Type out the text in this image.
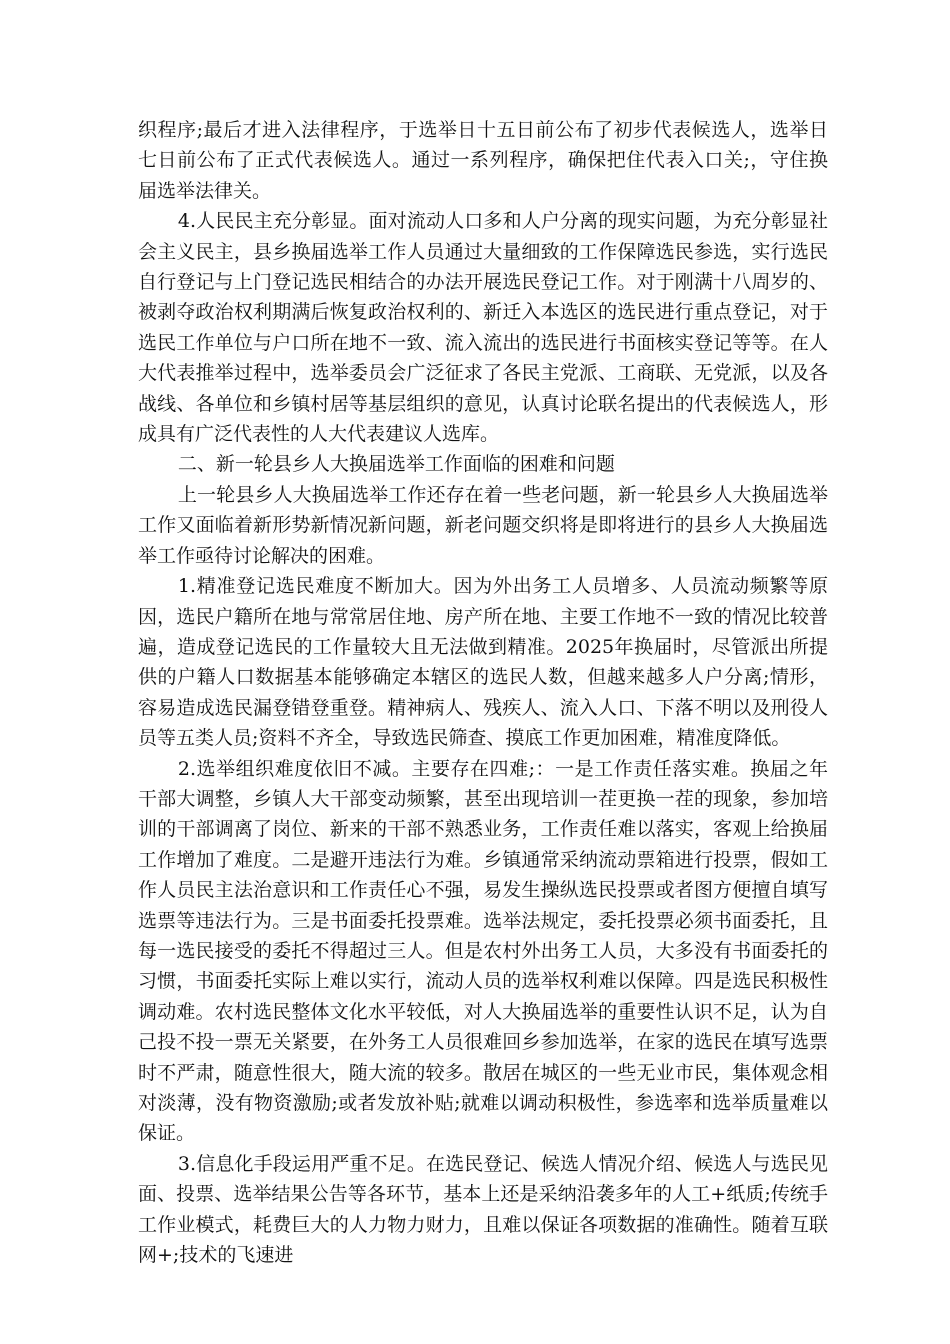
织程序;最后才进入法律程序，于选举日十五日前公布了初步代表候选人，选举日七日前公布了正式代表候选人。通过一系列程序，确保把住代表入口关;，守住换届选举法律关。

4.人民民主充分彰显。面对流动人口多和人户分离的现实问题，为充分彰显社会主义民主，县乡换届选举工作人员通过大量细致的工作保障选民参选，实行选民自行登记与上门登记选民相结合的办法开展选民登记工作。对于刚满十八周岁的、被剥夺政治权利期满后恢复政治权利的、新迁入本选区的选民进行重点登记，对于选民工作单位与户口所在地不一致、流入流出的选民进行书面核实登记等等。在人大代表推举过程中，选举委员会广泛征求了各民主党派、工商联、无党派，以及各战线、各单位和乡镇村居等基层组织的意见，认真讨论联名提出的代表候选人，形成具有广泛代表性的人大代表建议人选库。

二、新一轮县乡人大换届选举工作面临的困难和问题

上一轮县乡人大换届选举工作还存在着一些老问题，新一轮县乡人大换届选举工作又面临着新形势新情况新问题，新老问题交织将是即将进行的县乡人大换届选举工作亟待讨论解决的困难。

1.精准登记选民难度不断加大。因为外出务工人员增多、人员流动频繁等原因，选民户籍所在地与常常居住地、房产所在地、主要工作地不一致的情况比较普遍，造成登记选民的工作量较大且无法做到精准。2025年换届时，尽管派出所提供的户籍人口数据基本能够确定本辖区的选民人数，但越来越多人户分离;情形，容易造成选民漏登错登重登。精神病人、残疾人、流入人口、下落不明以及刑役人员等五类人员;资料不齐全，导致选民筛查、摸底工作更加困难，精准度降低。

2.选举组织难度依旧不减。主要存在四难;：一是工作责任落实难。换届之年干部大调整，乡镇人大干部变动频繁，甚至出现培训一茬更换一茬的现象，参加培训的干部调离了岗位、新来的干部不熟悉业务，工作责任难以落实，客观上给换届工作增加了难度。二是避开违法行为难。乡镇通常采纳流动票箱进行投票，假如工作人员民主法治意识和工作责任心不强，易发生操纵选民投票或者图方便擅自填写选票等违法行为。三是书面委托投票难。选举法规定，委托投票必须书面委托，且每一选民接受的委托不得超过三人。但是农村外出务工人员，大多没有书面委托的习惯，书面委托实际上难以实行，流动人员的选举权利难以保障。四是选民积极性调动难。农村选民整体文化水平较低，对人大换届选举的重要性认识不足，认为自己投不投一票无关紧要，在外务工人员很难回乡参加选举，在家的选民在填写选票时不严肃，随意性很大，随大流的较多。散居在城区的一些无业市民，集体观念相对淡薄，没有物资激励;或者发放补贴;就难以调动积极性，参选率和选举质量难以保证。

3.信息化手段运用严重不足。在选民登记、候选人情况介绍、候选人与选民见面、投票、选举结果公告等各环节，基本上还是采纳沿袭多年的人工+纸质;传统手工作业模式，耗费巨大的人力物力财力，且难以保证各项数据的准确性。随着互联网+;技术的飞速进
